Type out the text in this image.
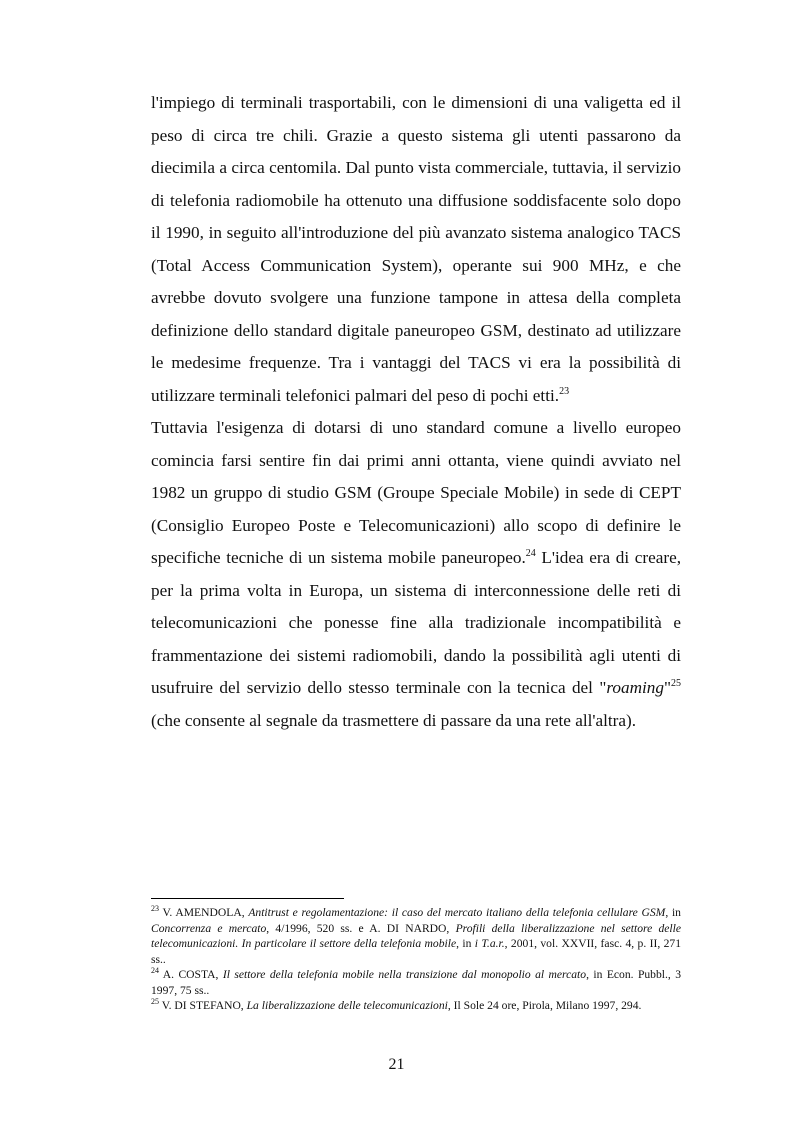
l'impiego di terminali trasportabili, con le dimensioni di una valigetta ed il peso di circa tre chili. Grazie a questo sistema gli utenti passarono da diecimila a circa centomila. Dal punto vista commerciale, tuttavia, il servizio di telefonia radiomobile ha ottenuto una diffusione soddisfacente solo dopo il 1990, in seguito all'introduzione del più avanzato sistema analogico TACS (Total Access Communication System), operante sui 900 MHz, e che avrebbe dovuto svolgere una funzione tampone in attesa della completa definizione dello standard digitale paneuropeo GSM, destinato ad utilizzare le medesime frequenze. Tra i vantaggi del TACS vi era la possibilità di utilizzare terminali telefonici palmari del peso di pochi etti.$^{23}$

Tuttavia l'esigenza di dotarsi di uno standard comune a livello europeo comincia farsi sentire fin dai primi anni ottanta, viene quindi avviato nel 1982 un gruppo di studio GSM (Groupe Speciale Mobile) in sede di CEPT (Consiglio Europeo Poste e Telecomunicazioni) allo scopo di definire le specifiche tecniche di un sistema mobile paneuropeo.$^{24}$ L'idea era di creare, per la prima volta in Europa, un sistema di interconnessione delle reti di telecomunicazioni che ponesse fine alla tradizionale incompatibilità e frammentazione dei sistemi radiomobili, dando la possibilità agli utenti di usufruire del servizio dello stesso terminale con la tecnica del "roaming"$^{25}$ (che consente al segnale da trasmettere di passare da una rete all'altra).

$^{23}$ V. AMENDOLA, Antitrust e regolamentazione: il caso del mercato italiano della telefonia cellulare GSM, in Concorrenza e mercato, 4/1996, 520 ss. e A. DI NARDO, Profili della liberalizzazione nel settore delle telecomunicazioni. In particolare il settore della telefonia mobile, in i T.a.r., 2001, vol. XXVII, fasc. 4, p. II, 271 ss..

$^{24}$ A. COSTA, Il settore della telefonia mobile nella transizione dal monopolio al mercato, in Econ. Pubbl., 3 1997, 75 ss..

$^{25}$ V. DI STEFANO, La liberalizzazione delle telecomunicazioni, Il Sole 24 ore, Pirola, Milano 1997, 294.

21
